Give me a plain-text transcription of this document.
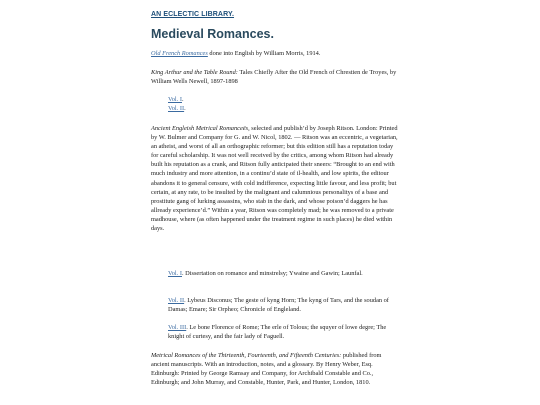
AN ECLECTIC LIBRARY.
Medieval Romances.
Old French Romances done into English by William Morris, 1914.
King Arthur and the Table Round: Tales Chiefly After the Old French of Chrestien de Troyes, by William Wells Newell, 1897-1898
Vol. I.
Vol. II.
Ancient Engleish Metrical Romanceës, selected and publish’d by Joseph Ritson. London: Printed by W. Bulmer and Company for G. and W. Nicol, 1802. — Ritson was an eccentric, a vegetarian, an atheist, and worst of all an orthographic reformer; but this edition still has a reputation today for careful scholarship. It was not well received by the critics, among whom Ritson had already built his reputation as a crank, and Ritson fully anticipated their sneers: “Brought to an end with much industry and more attention, in a continu’d state of il-health, and low spirits, the editour abandons it to general censure, with cold indifference, expecting little favour, and less profit; but certain, at any rate, to be insulted by the malignant and calumnious personalitys of a base and prostitute gang of lurking assassins, who stab in the dark, and whose poison’d daggers he has allready experience’d.” Within a year, Ritson was completely mad; he was removed to a private madhouse, where (as often happened under the treatment regime in such places) he died within days.
Vol. I. Dissertation on romance and minstrelsy; Ywaine and Gawin; Launfal.
Vol. II. Lybeus Disconus; The geste of kyng Horn; The kyng of Tars, and the soudan of Damas; Emare; Sir Orpheo; Chronicle of Engleland.
Vol. III. Le bone Florence of Rome; The erle of Tolous; the squyer of lowe degre; The knight of curtesy, and the fair lady of Faguell.
Metrical Romances of the Thirteenth, Fourteenth, and Fifteenth Centuries: published from ancient manuscripts. With an introduction, notes, and a glossary. By Henry Weber, Esq. Edinburgh: Printed by George Ramsay and Company, for Archibald Constable and Co., Edinburgh; and John Murray, and Constable, Hunter, Park, and Hunter, London, 1810.
